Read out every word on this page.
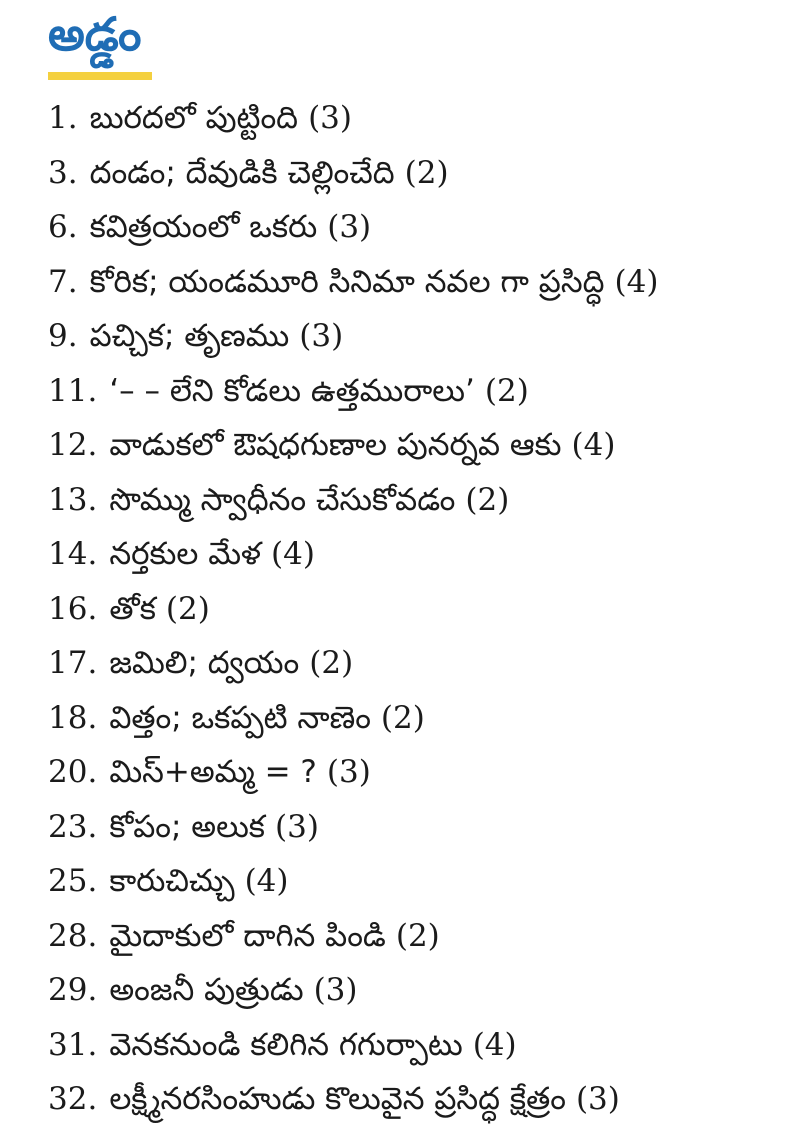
అడ్డం
1. బురదలో పుట్టింది (3)
3. దండం; దేవుడికి చెల్లించేది (2)
6. కవిత్రయంలో ఒకరు (3)
7. కోరిక; యండమూరి సినిమా నవల గా ప్రసిద్ధి (4)
9. పచ్చిక; తృణము (3)
11. ‘– – లేని కోడలు ఉత్తమురాలు’ (2)
12. వాడుకలో ఔషధగుణాల పునర్నవ ఆకు (4)
13. సొమ్ము స్వాధీనం చేసుకోవడం (2)
14. నర్తకుల మేళ (4)
16. తోక (2)
17. జమిలి; ద్వయం (2)
18. విత్తం; ఒకప్పటి నాణెం (2)
20. మిస్+అమ్మ = ? (3)
23. కోపం; అలుక (3)
25. కారుచిచ్చు (4)
28. మైదాకులో దాగిన పిండి (2)
29. అంజనీ పుత్రుడు (3)
31. వెనకనుండి కలిగిన గగుర్పాటు (4)
32. లక్ష్మీనరసింహుడు కొలువైన ప్రసిద్ధ క్షేత్రం (3)
